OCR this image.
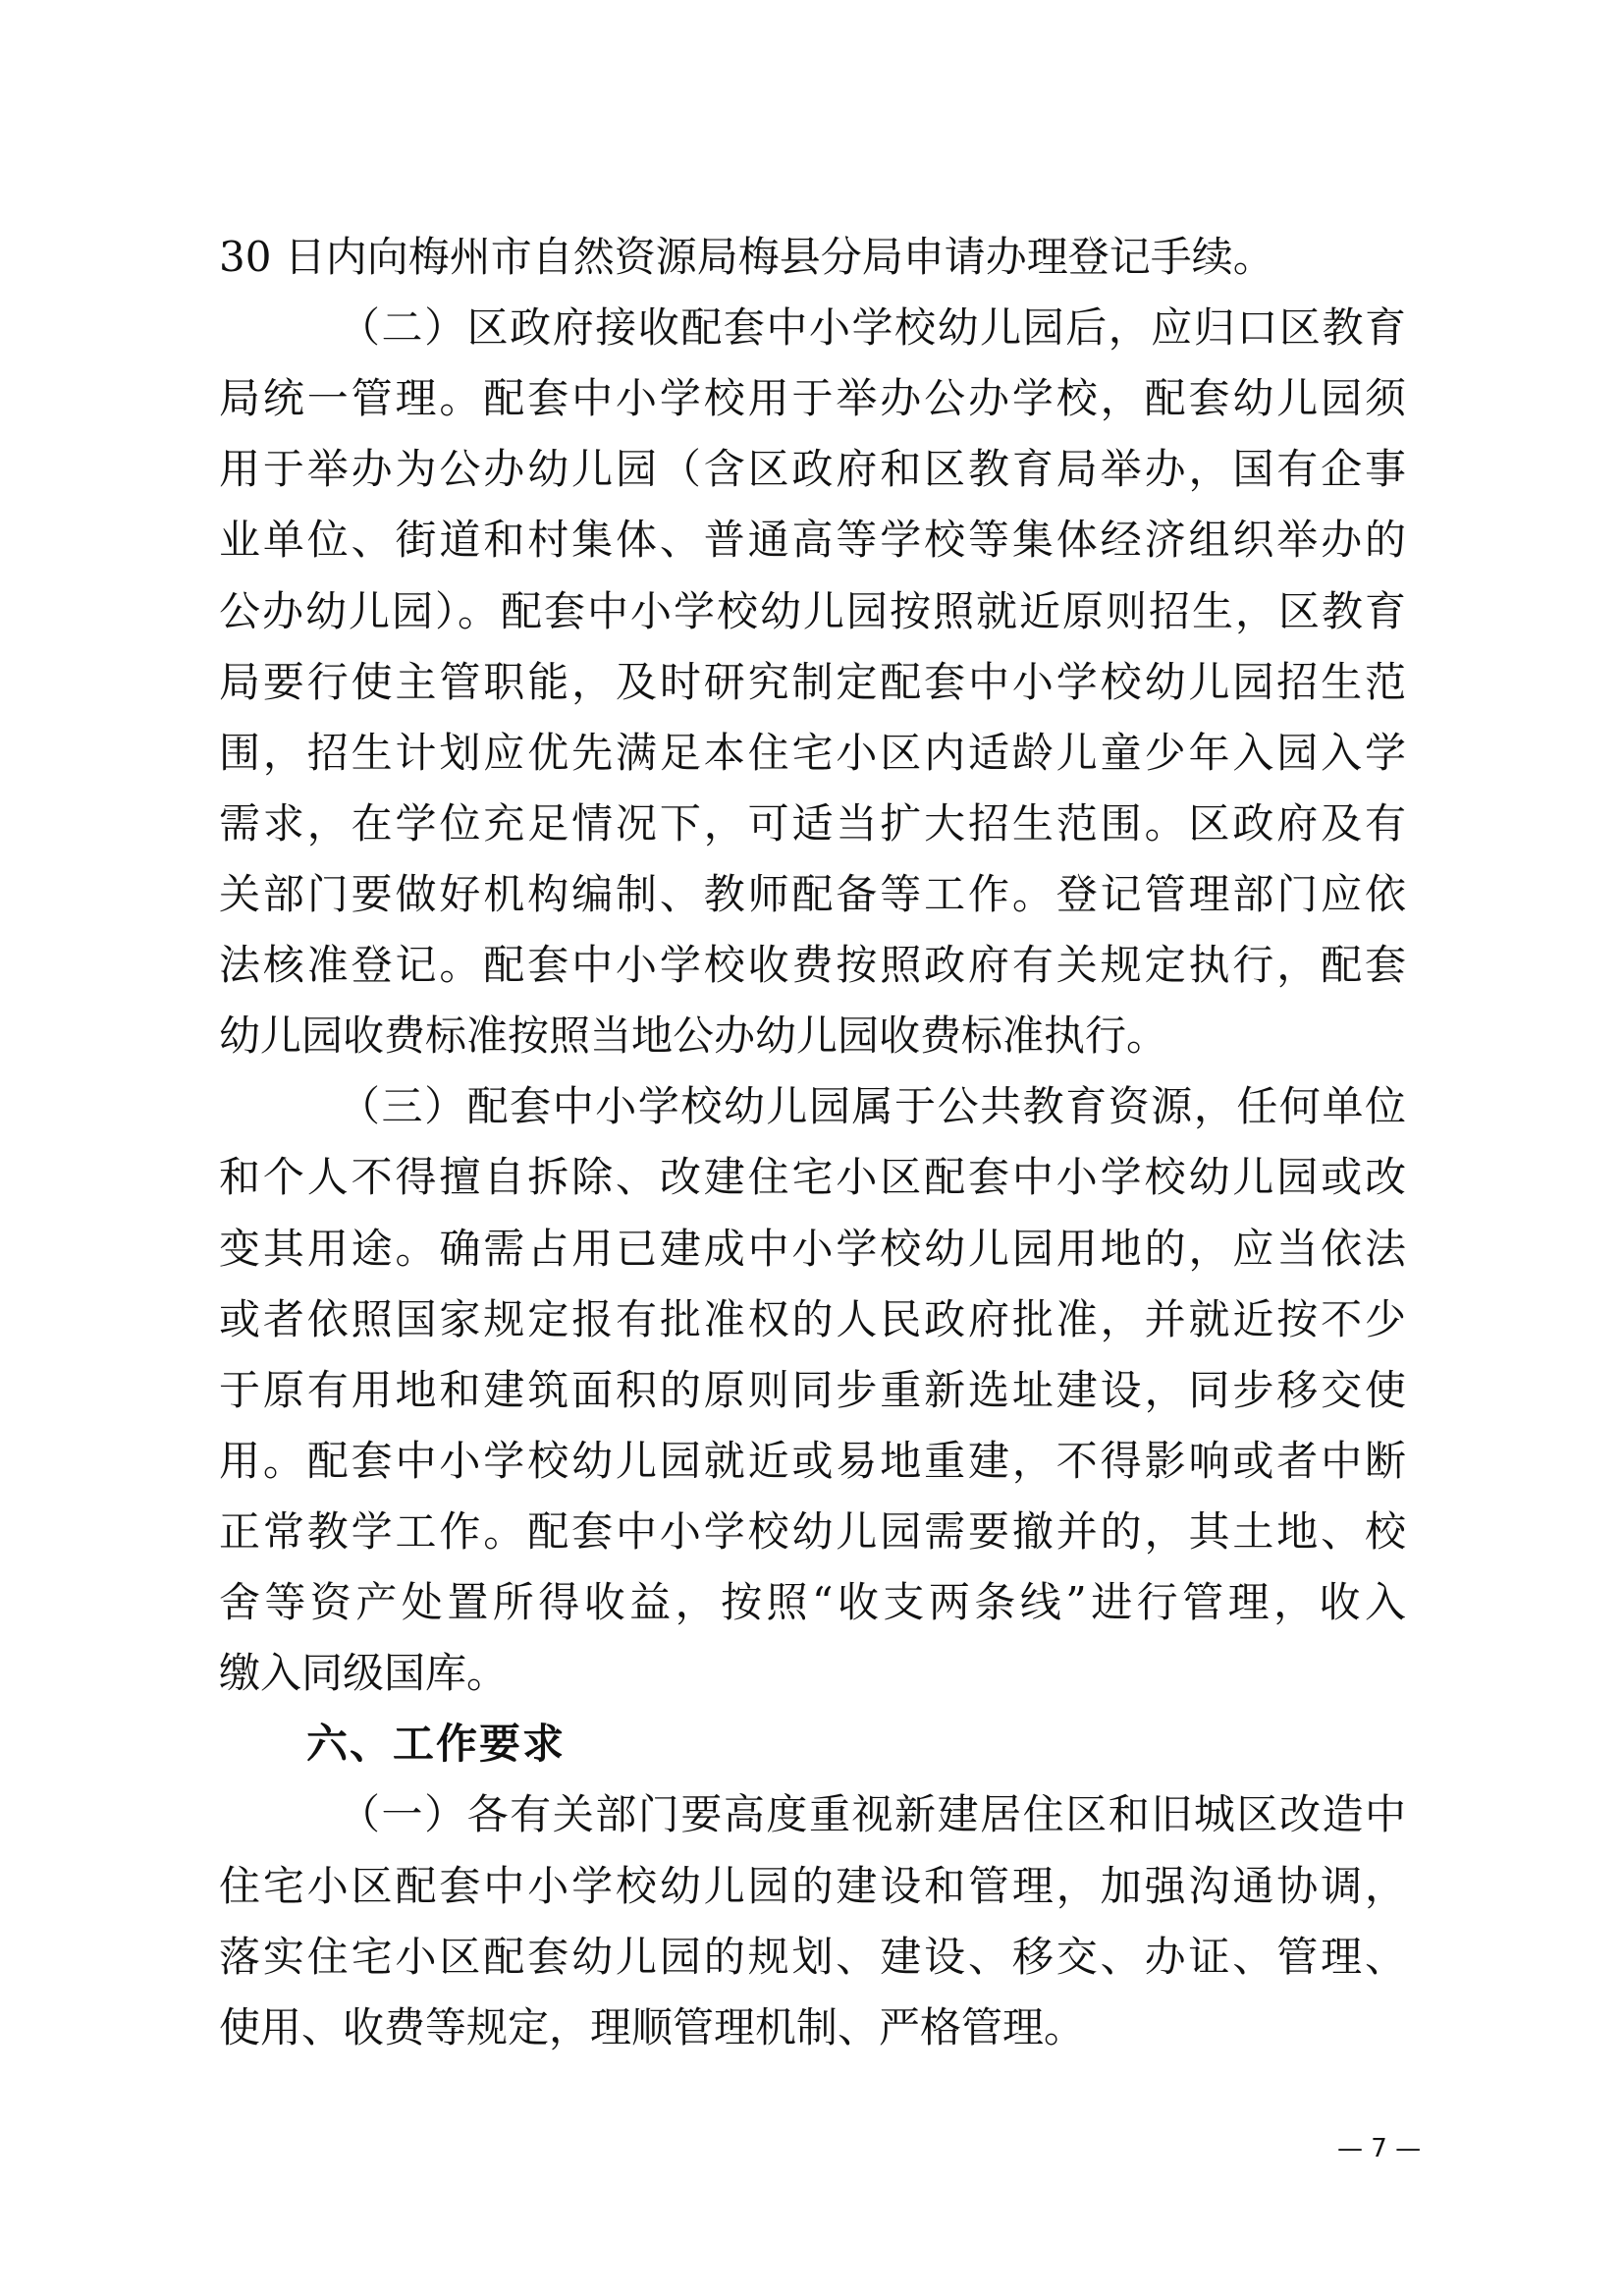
30 日内向梅州市自然资源局梅县分局申请办理登记手续。
（二）区政府接收配套中小学校幼儿园后，应归口区教育
局统一管理。配套中小学校用于举办公办学校，配套幼儿园须
用于举办为公办幼儿园（含区政府和区教育局举办，国有企事
业单位、街道和村集体、普通高等学校等集体经济组织举办的
公办幼儿园）。配套中小学校幼儿园按照就近原则招生，区教育
局要行使主管职能，及时研究制定配套中小学校幼儿园招生范
围，招生计划应优先满足本住宅小区内适龄儿童少年入园入学
需求，在学位充足情况下，可适当扩大招生范围。区政府及有
关部门要做好机构编制、教师配备等工作。登记管理部门应依
法核准登记。配套中小学校收费按照政府有关规定执行，配套
幼儿园收费标准按照当地公办幼儿园收费标准执行。
（三）配套中小学校幼儿园属于公共教育资源，任何单位
和个人不得擅自拆除、改建住宅小区配套中小学校幼儿园或改
变其用途。确需占用已建成中小学校幼儿园用地的，应当依法
或者依照国家规定报有批准权的人民政府批准，并就近按不少
于原有用地和建筑面积的原则同步重新选址建设，同步移交使
用。配套中小学校幼儿园就近或易地重建，不得影响或者中断
正常教学工作。配套中小学校幼儿园需要撤并的，其土地、校
舍等资产处置所得收益，按照“收支两条线”进行管理，收入
缴入同级国库。
六、工作要求
（一）各有关部门要高度重视新建居住区和旧城区改造中
住宅小区配套中小学校幼儿园的建设和管理，加强沟通协调，
落实住宅小区配套幼儿园的规划、建设、移交、办证、管理、
使用、收费等规定，理顺管理机制、严格管理。
— 7 —
